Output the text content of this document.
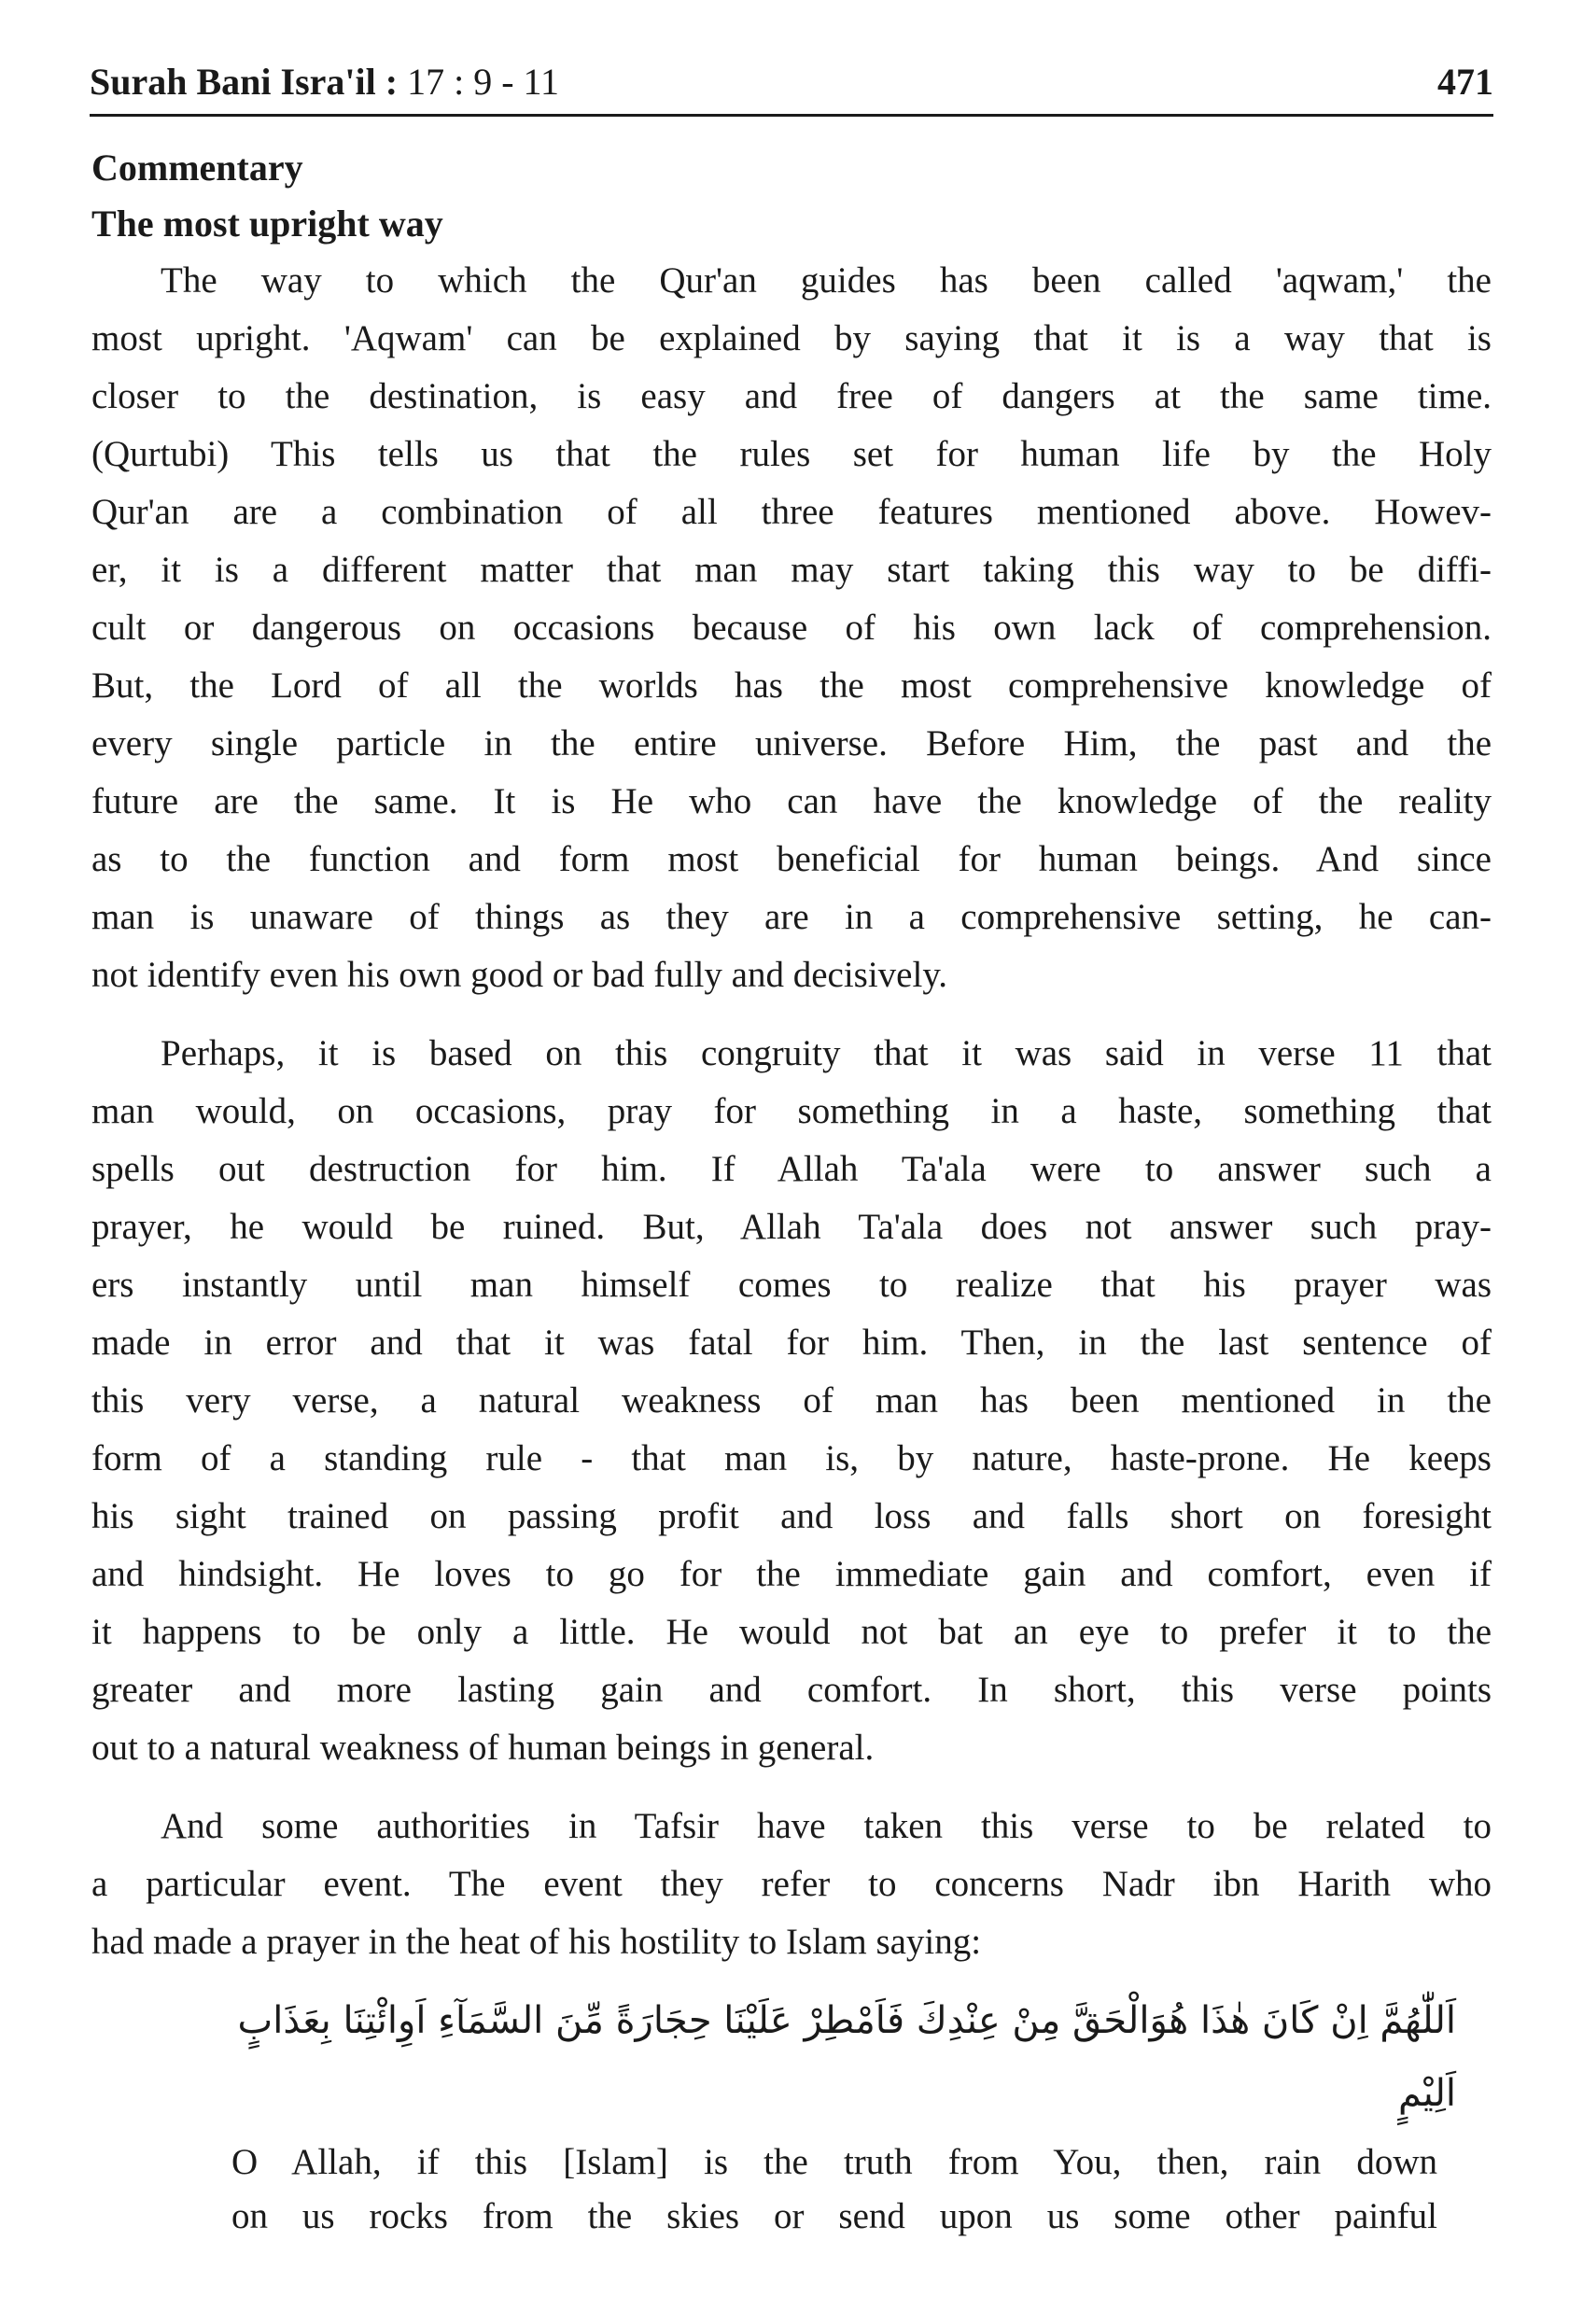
Surah Bani Isra'il : 17 : 9 - 11	471

Commentary

The most upright way

The way to which the Qur'an guides has been called 'aqwam,' the
most upright. 'Aqwam' can be explained by saying that it is a way that is
closer to the destination, is easy and free of dangers at the same time.
(Qurtubi) This tells us that the rules set for human life by the Holy
Qur'an are a combination of all three features mentioned above. Howev-
er, it is a different matter that man may start taking this way to be diffi-
cult or dangerous on occasions because of his own lack of comprehension.
But, the Lord of all the worlds has the most comprehensive knowledge of
every single particle in the entire universe. Before Him, the past and the
future are the same. It is He who can have the knowledge of the reality
as to the function and form most beneficial for human beings. And since
man is unaware of things as they are in a comprehensive setting, he can-
not identify even his own good or bad fully and decisively.
Perhaps, it is based on this congruity that it was said in verse 11 that
man would, on occasions, pray for something in a haste, something that
spells out destruction for him. If Allah Ta'ala were to answer such a
prayer, he would be ruined. But, Allah Ta'ala does not answer such pray-
ers instantly until man himself comes to realize that his prayer was
made in error and that it was fatal for him. Then, in the last sentence of
this very verse, a natural weakness of man has been mentioned in the
form of a standing rule - that man is, by nature, haste-prone. He keeps
his sight trained on passing profit and loss and falls short on foresight
and hindsight. He loves to go for the immediate gain and comfort, even if
it happens to be only a little. He would not bat an eye to prefer it to the
greater and more lasting gain and comfort. In short, this verse points
out to a natural weakness of human beings in general.
And some authorities in Tafsir have taken this verse to be related to
a particular event. The event they refer to concerns Nadr ibn Harith who
had made a prayer in the heat of his hostility to Islam saying:
اَللّٰهُمَّ اِنْ كَانَ هٰذَا هُوَالْحَقَّ مِنْ عِنْدِكَ فَاَمْطِرْ عَلَيْنَا حِجَارَةً مِّنَ السَّمَآءِ اَوِائْتِنَا بِعَذَابٍ
اَلِيْمٍ
O Allah, if this [Islam] is the truth from You, then, rain down
on us rocks from the skies or send upon us some other painful
